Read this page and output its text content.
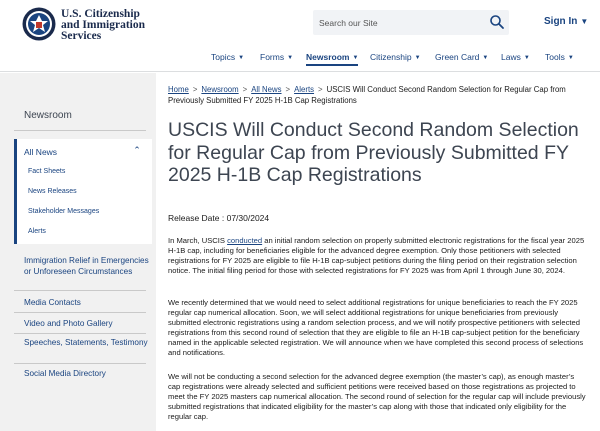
U.S. Citizenship
and Immigration
Services
Search our Site
Sign In ▼
Topics ▼ Forms ▼ Newsroom ▼ Citizenship ▼ Green Card ▼ Laws ▼ Tools ▼
Newsroom
All News	⌃
Fact Sheets
News Releases
Stakeholder Messages
Alerts
Immigration Relief in Emergencies or Unforeseen Circumstances
Media Contacts
Video and Photo Gallery
Speeches, Statements, Testimony
Social Media Directory
Home > Newsroom > All News > Alerts > USCIS Will Conduct Second Random Selection for Regular Cap from Previously Submitted FY 2025 H-1B Cap Registrations
USCIS Will Conduct Second Random Selection for Regular Cap from Previously Submitted FY 2025 H-1B Cap Registrations
Release Date : 07/30/2024

In March, USCIS conducted an initial random selection on properly submitted electronic registrations for the fiscal year 2025 H-1B cap, including for beneficiaries eligible for the advanced degree exemption. Only those petitioners with selected registrations for FY 2025 are eligible to file H-1B cap-subject petitions during the filing period on their registration selection notice. The initial filing period for those with selected registrations for FY 2025 was from April 1 through June 30, 2024.

We recently determined that we would need to select additional registrations for unique beneficiaries to reach the FY 2025 regular cap numerical allocation. Soon, we will select additional registrations for unique beneficiaries from previously submitted electronic registrations using a random selection process, and we will notify prospective petitioners with selected registrations from this second round of selection that they are eligible to file an H-1B cap-subject petition for the beneficiary named in the applicable selected registration. We will announce when we have completed this second process of selections and notifications.

We will not be conducting a second selection for the advanced degree exemption (the master’s cap), as enough master’s cap registrations were already selected and sufficient petitions were received based on those registrations as projected to meet the FY 2025 masters cap numerical allocation. The second round of selection for the regular cap will include previously submitted registrations that indicated eligibility for the master’s cap along with those that indicated only eligibility for the regular cap.
